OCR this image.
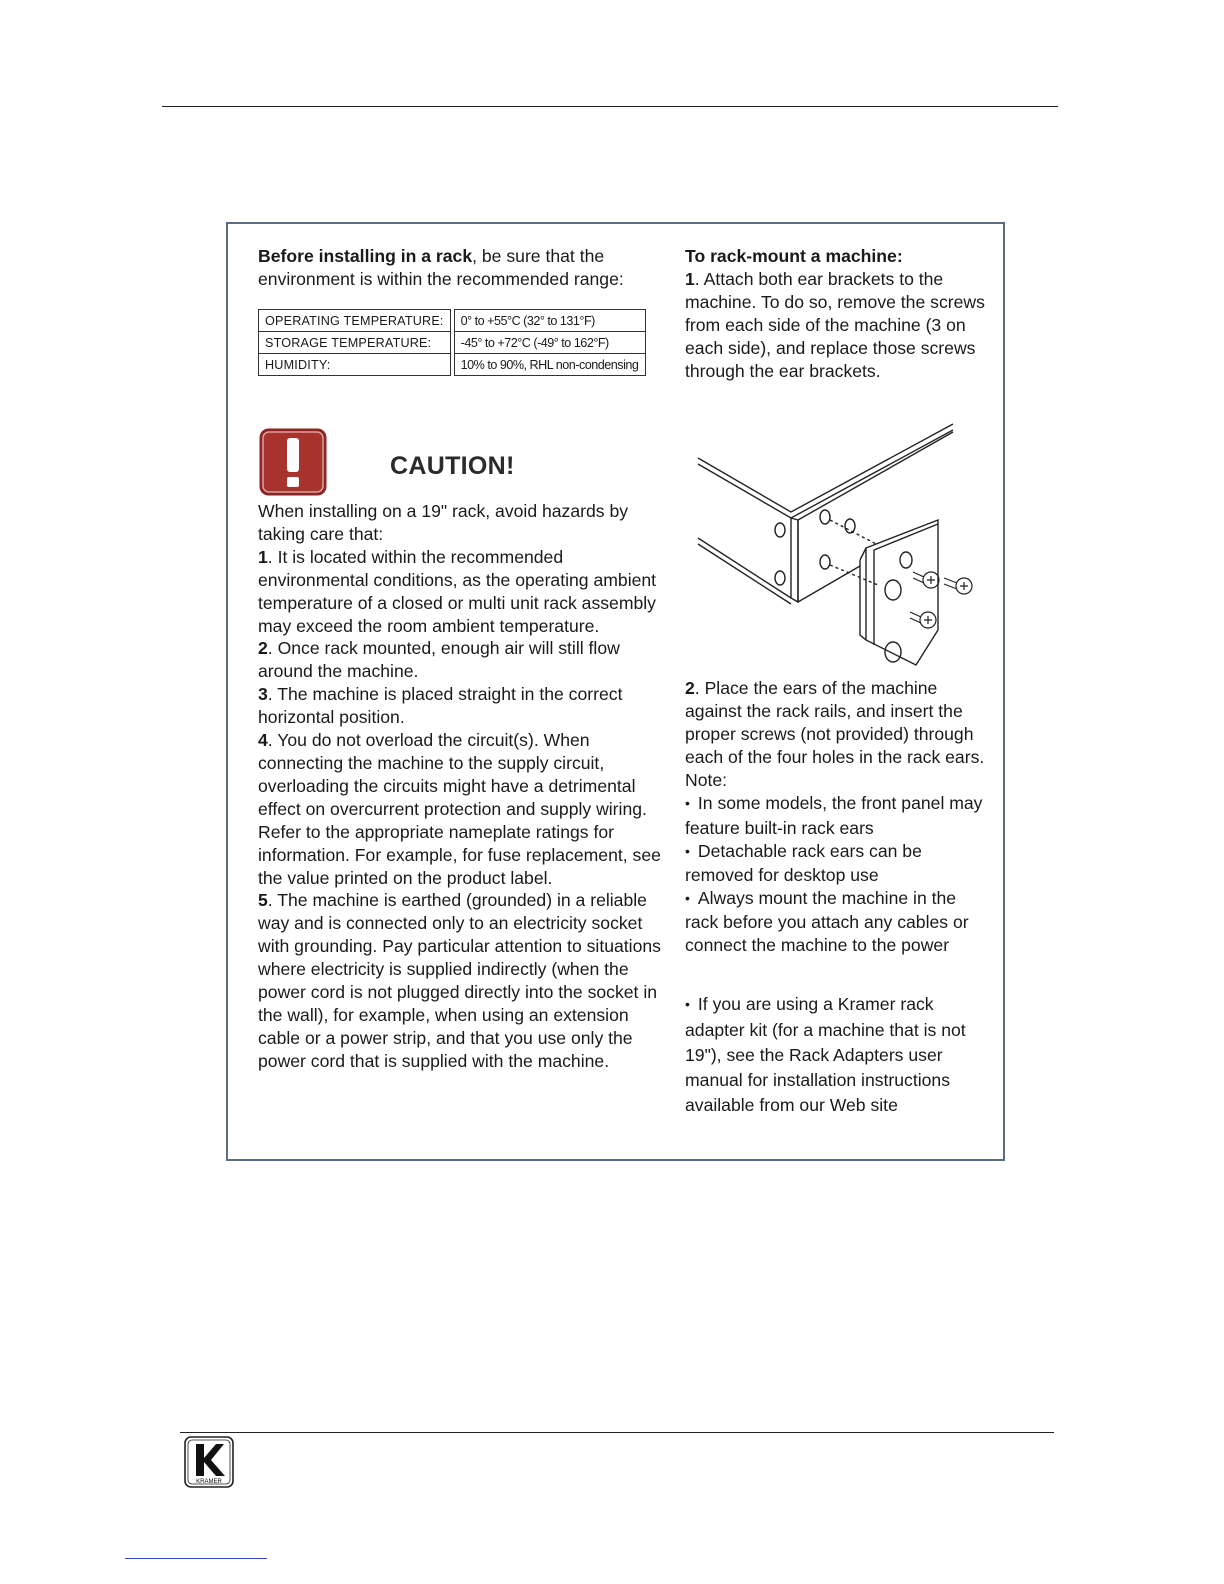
Before installing in a rack, be sure that the environment is within the recommended range:

OPERATING TEMPERATURE:	0° to +55°C (32° to 131°F)
STORAGE TEMPERATURE:	-45° to +72°C (-49° to 162°F)
HUMIDITY:	10% to 90%, RHL non-condensing
CAUTION!

When installing on a 19" rack, avoid hazards by taking care that:

1. It is located within the recommended environmental conditions, as the operating ambient temperature of a closed or multi unit rack assembly may exceed the room ambient temperature.

2. Once rack mounted, enough air will still flow around the machine.

3. The machine is placed straight in the correct horizontal position.

4. You do not overload the circuit(s). When connecting the machine to the supply circuit, overloading the circuits might have a detrimental effect on overcurrent protection and supply wiring. Refer to the appropriate nameplate ratings for information. For example, for fuse replacement, see the value printed on the product label.

5. The machine is earthed (grounded) in a reliable way and is connected only to an electricity socket with grounding. Pay particular attention to situations where electricity is supplied indirectly (when the power cord is not plugged directly into the socket in the wall), for example, when using an extension cable or a power strip, and that you use only the power cord that is supplied with the machine.

To rack-mount a machine:

1. Attach both ear brackets to the machine. To do so, remove the screws from each side of the machine (3 on each side), and replace those screws through the ear brackets.

2. Place the ears of the machine against the rack rails, and insert the proper screws (not provided) through each of the four holes in the rack ears.

Note:

• In some models, the front panel may feature built-in rack ears

• Detachable rack ears can be removed for desktop use

• Always mount the machine in the rack before you attach any cables or connect the machine to the power

• If you are using a Kramer rack adapter kit (for a machine that is not 19"), see the Rack Adapters user manual for installation instructions available from our Web site

KRAMER
